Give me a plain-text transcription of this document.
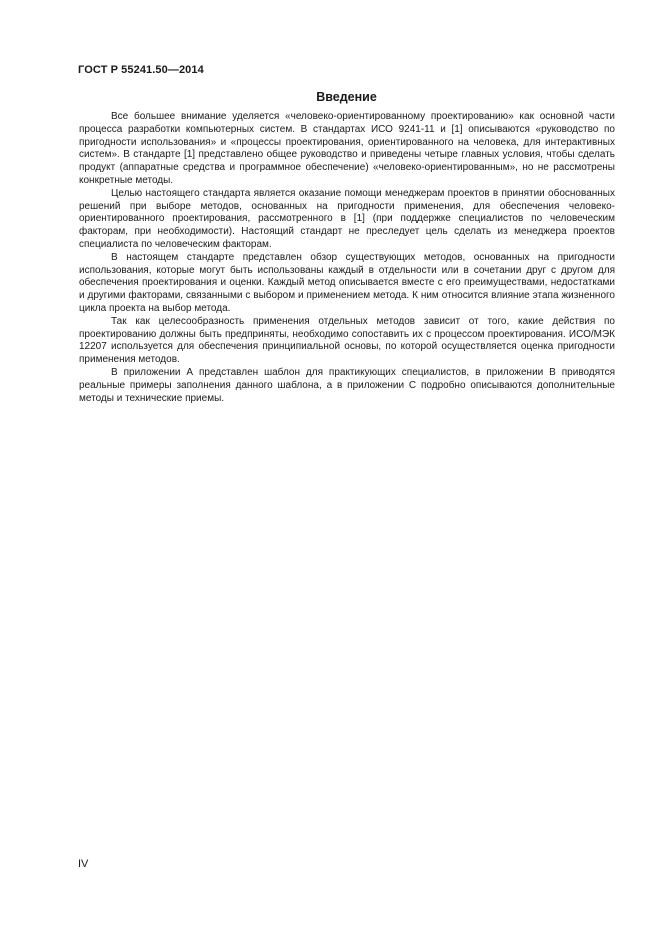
ГОСТ Р 55241.50—2014
Введение

Все большее внимание уделяется «человеко-ориентированному проектированию» как основной части процесса разработки компьютерных систем. В стандартах ИСО 9241-11 и [1] описываются «руководство по пригодности использования» и «процессы проектирования, ориентированного на человека, для интерактивных систем». В стандарте [1] представлено общее руководство и приведены четыре главных условия, чтобы сделать продукт (аппаратные средства и программное обеспечение) «человеко-ориентированным», но не рассмотрены конкретные методы.

Целью настоящего стандарта является оказание помощи менеджерам проектов в принятии обоснованных решений при выборе методов, основанных на пригодности применения, для обеспечения человеко-ориентированного проектирования, рассмотренного в [1] (при поддержке специалистов по человеческим факторам, при необходимости). Настоящий стандарт не преследует цель сделать из менеджера проектов специалиста по человеческим факторам.

В настоящем стандарте представлен обзор существующих методов, основанных на пригодности использования, которые могут быть использованы каждый в отдельности или в сочетании друг с другом для обеспечения проектирования и оценки. Каждый метод описывается вместе с его преимуществами, недостатками и другими факторами, связанными с выбором и применением метода. К ним относится влияние этапа жизненного цикла проекта на выбор метода.

Так как целесообразность применения отдельных методов зависит от того, какие действия по проектированию должны быть предприняты, необходимо сопоставить их с процессом проектирования. ИСО/МЭК 12207 используется для обеспечения принципиальной основы, по которой осуществляется оценка пригодности применения методов.

В приложении А представлен шаблон для практикующих специалистов, в приложении В приводятся реальные примеры заполнения данного шаблона, а в приложении С подробно описываются дополнительные методы и технические приемы.

IV
